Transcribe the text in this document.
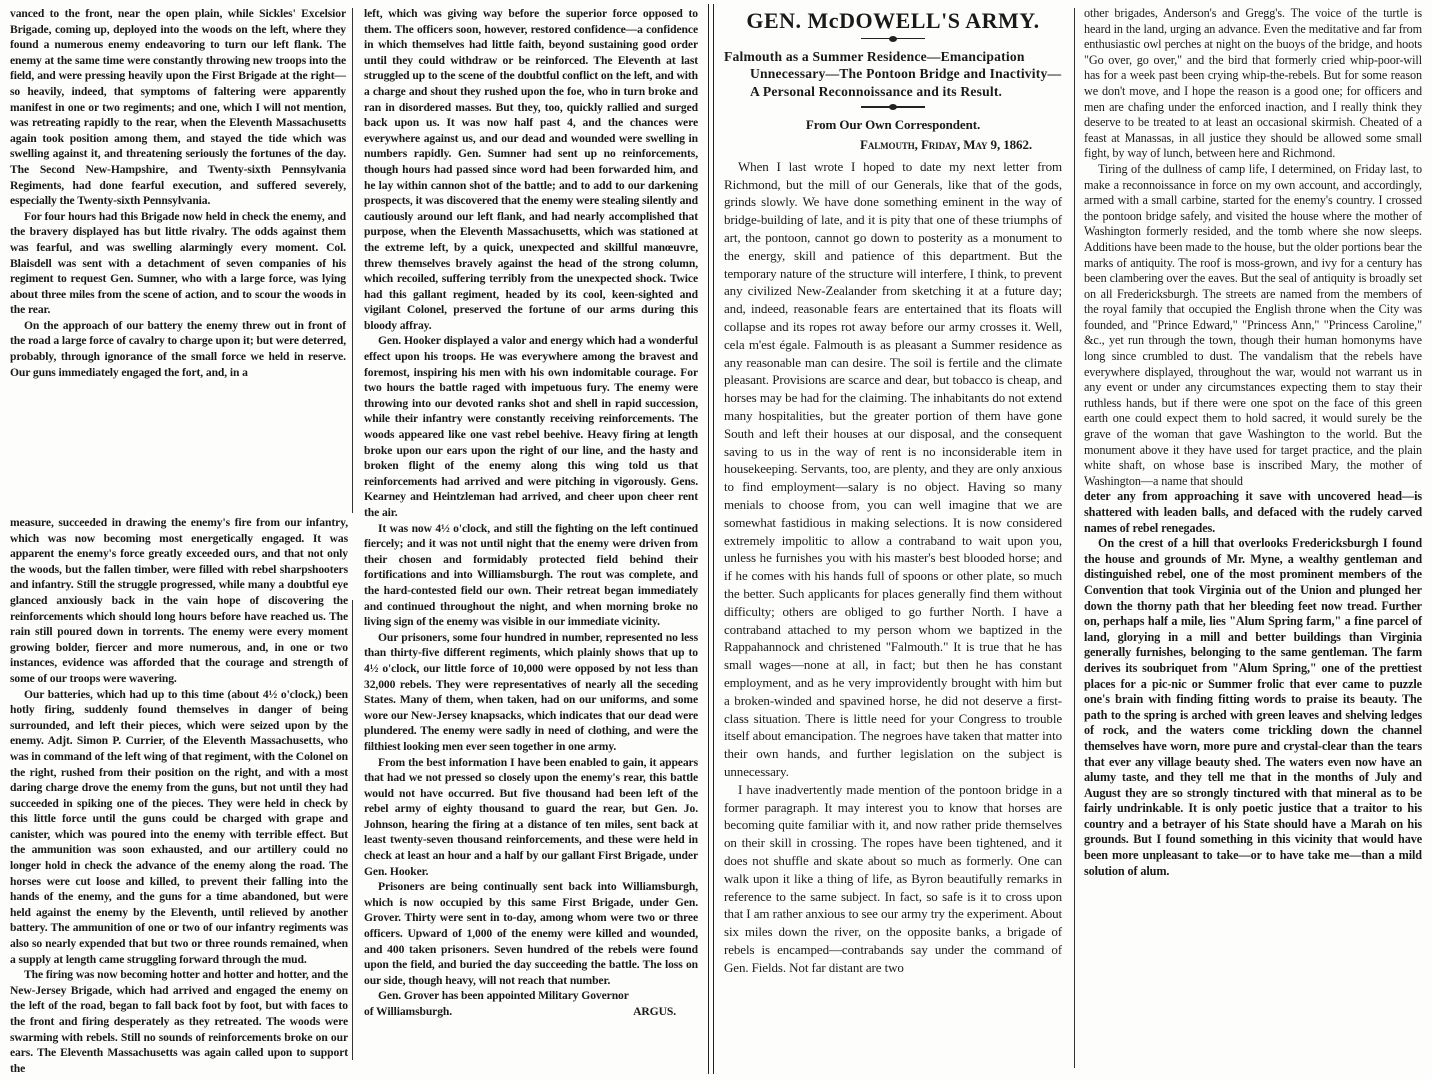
vanced to the front, near the open plain, while Sickles' Excelsior Brigade, coming up, deployed into the woods on the left, where they found a numerous enemy endeavoring to turn our left flank. The enemy at the same time were constantly throwing new troops into the field, and were pressing heavily upon the First Brigade at the right—so heavily, indeed, that symptoms of faltering were apparently manifest in one or two regiments; and one, which I will not mention, was retreating rapidly to the rear, when the Eleventh Massachusetts again took position among them, and stayed the tide which was swelling against it, and threatening seriously the fortunes of the day. The Second New-Hampshire, and Twenty-sixth Pennsylvania Regiments, had done fearful execution, and suffered severely, especially the Twenty-sixth Pennsylvania.

For four hours had this Brigade now held in check the enemy, and the bravery displayed has but little rivalry. The odds against them was fearful, and was swelling alarmingly every moment. Col. Blaisdell was sent with a detachment of seven companies of his regiment to request Gen. Sumner, who with a large force, was lying about three miles from the scene of action, and to scour the woods in the rear.

On the approach of our battery the enemy threw out in front of the road a large force of cavalry to charge upon it; but were deterred, probably, through ignorance of the small force we held in reserve. Our guns immediately engaged the fort, and, in a

measure, succeeded in drawing the enemy's fire from our infantry, which was now becoming most energetically engaged. It was apparent the enemy's force greatly exceeded ours, and that not only the woods, but the fallen timber, were filled with rebel sharpshooters and infantry. Still the struggle progressed, while many a doubtful eye glanced anxiously back in the vain hope of discovering the reinforcements which should long hours before have reached us. The rain still poured down in torrents. The enemy were every moment growing bolder, fiercer and more numerous, and, in one or two instances, evidence was afforded that the courage and strength of some of our troops were wavering.

Our batteries, which had up to this time (about 4½ o'clock,) been hotly firing, suddenly found themselves in danger of being surrounded, and left their pieces, which were seized upon by the enemy. Adjt. Simon P. Currier, of the Eleventh Massachusetts, who was in command of the left wing of that regiment, with the Colonel on the right, rushed from their position on the right, and with a most daring charge drove the enemy from the guns, but not until they had succeeded in spiking one of the pieces. They were held in check by this little force until the guns could be charged with grape and canister, which was poured into the enemy with terrible effect. But the ammunition was soon exhausted, and our artillery could no longer hold in check the advance of the enemy along the road. The horses were cut loose and killed, to prevent their falling into the hands of the enemy, and the guns for a time abandoned, but were held against the enemy by the Eleventh, until relieved by another battery. The ammunition of one or two of our infantry regiments was also so nearly expended that but two or three rounds remained, when a supply at length came struggling forward through the mud.

The firing was now becoming hotter and hotter and hotter, and the New-Jersey Brigade, which had arrived and engaged the enemy on the left of the road, began to fall back foot by foot, but with faces to the front and firing desperately as they retreated. The woods were swarming with rebels. Still no sounds of reinforcements broke on our ears. The Eleventh Massachusetts was again called upon to support the

left, which was giving way before the superior force opposed to them. The officers soon, however, restored confidence—a confidence in which themselves had little faith, beyond sustaining good order until they could withdraw or be reinforced. The Eleventh at last struggled up to the scene of the doubtful conflict on the left, and with a charge and shout they rushed upon the foe, who in turn broke and ran in disordered masses. But they, too, quickly rallied and surged back upon us. It was now half past 4, and the chances were everywhere against us, and our dead and wounded were swelling in numbers rapidly. Gen. Sumner had sent up no reinforcements, though hours had passed since word had been forwarded him, and he lay within cannon shot of the battle; and to add to our darkening prospects, it was discovered that the enemy were stealing silently and cautiously around our left flank, and had nearly accomplished that purpose, when the Eleventh Massachusetts, which was stationed at the extreme left, by a quick, unexpected and skillful manœuvre, threw themselves bravely against the head of the strong column, which recoiled, suffering terribly from the unexpected shock. Twice had this gallant regiment, headed by its cool, keen-sighted and vigilant Colonel, preserved the fortune of our arms during this bloody affray.

Gen. Hooker displayed a valor and energy which had a wonderful effect upon his troops. He was everywhere among the bravest and foremost, inspiring his men with his own indomitable courage. For two hours the battle raged with impetuous fury. The enemy were throwing into our devoted ranks shot and shell in rapid succession, while their infantry were constantly receiving reinforcements. The woods appeared like one vast rebel beehive. Heavy firing at length broke upon our ears upon the right of our line, and the hasty and broken flight of the enemy along this wing told us that reinforcements had arrived and were pitching in vigorously. Gens. Kearney and Heintzleman had arrived, and cheer upon cheer rent the air.

It was now 4½ o'clock, and still the fighting on the left continued fiercely; and it was not until night that the enemy were driven from their chosen and formidably protected field behind their fortifications and into Williamsburgh. The rout was complete, and the hard-contested field our own. Their retreat began immediately and continued throughout the night, and when morning broke no living sign of the enemy was visible in our immediate vicinity.

Our prisoners, some four hundred in number, represented no less than thirty-five different regiments, which plainly shows that up to 4½ o'clock, our little force of 10,000 were opposed by not less than 32,000 rebels. They were representatives of nearly all the seceding States. Many of them, when taken, had on our uniforms, and some wore our New-Jersey knapsacks, which indicates that our dead were plundered. The enemy were sadly in need of clothing, and were the filthiest looking men ever seen together in one army.

From the best information I have been enabled to gain, it appears that had we not pressed so closely upon the enemy's rear, this battle would not have occurred. But five thousand had been left of the rebel army of eighty thousand to guard the rear, but Gen. Jo. Johnson, hearing the firing at a distance of ten miles, sent back at least twenty-seven thousand reinforcements, and these were held in check at least an hour and a half by our gallant First Brigade, under Gen. Hooker.

Prisoners are being continually sent back into Williamsburgh, which is now occupied by this same First Brigade, under Gen. Grover. Thirty were sent in to-day, among whom were two or three officers. Upward of 1,000 of the enemy were killed and wounded, and 400 taken prisoners. Seven hundred of the rebels were found upon the field, and buried the day succeeding the battle. The loss on our side, though heavy, will not reach that number.

Gen. Grover has been appointed Military Governor

of Williamsburgh.	ARGUS.
GEN. McDOWELL'S ARMY.
Falmouth as a Summer Residence—Emancipation Unnecessary—The Pontoon Bridge and Inactivity—A Personal Reconnoissance and its Result.
From Our Own Correspondent.
Falmouth, Friday, May 9, 1862.

When I last wrote I hoped to date my next letter from Richmond, but the mill of our Generals, like that of the gods, grinds slowly. We have done something eminent in the way of bridge-building of late, and it is pity that one of these triumphs of art, the pontoon, cannot go down to posterity as a monument to the energy, skill and patience of this department. But the temporary nature of the structure will interfere, I think, to prevent any civilized New-Zealander from sketching it at a future day; and, indeed, reasonable fears are entertained that its floats will collapse and its ropes rot away before our army crosses it. Well, cela m'est égale. Falmouth is as pleasant a Summer residence as any reasonable man can desire. The soil is fertile and the climate pleasant. Provisions are scarce and dear, but tobacco is cheap, and horses may be had for the claiming. The inhabitants do not extend many hospitalities, but the greater portion of them have gone South and left their houses at our disposal, and the consequent saving to us in the way of rent is no inconsiderable item in housekeeping. Servants, too, are plenty, and they are only anxious to find employment—salary is no object. Having so many menials to choose from, you can well imagine that we are somewhat fastidious in making selections. It is now considered extremely impolitic to allow a contraband to wait upon you, unless he furnishes you with his master's best blooded horse; and if he comes with his hands full of spoons or other plate, so much the better. Such applicants for places generally find them without difficulty; others are obliged to go further North. I have a contraband attached to my person whom we baptized in the Rappahannock and christened "Falmouth." It is true that he has small wages—none at all, in fact; but then he has constant employment, and as he very improvidently brought with him but a broken-winded and spavined horse, he did not deserve a first-class situation. There is little need for your Congress to trouble itself about emancipation. The negroes have taken that matter into their own hands, and further legislation on the subject is unnecessary.

I have inadvertently made mention of the pontoon bridge in a former paragraph. It may interest you to know that horses are becoming quite familiar with it, and now rather pride themselves on their skill in crossing. The ropes have been tightened, and it does not shuffle and skate about so much as formerly. One can walk upon it like a thing of life, as Byron beautifully remarks in reference to the same subject. In fact, so safe is it to cross upon that I am rather anxious to see our army try the experiment. About six miles down the river, on the opposite banks, a brigade of rebels is encamped—contrabands say under the command of Gen. Fields. Not far distant are two

other brigades, Anderson's and Gregg's. The voice of the turtle is heard in the land, urging an advance. Even the meditative and far from enthusiastic owl perches at night on the buoys of the bridge, and hoots "Go over, go over," and the bird that formerly cried whip-poor-will has for a week past been crying whip-the-rebels. But for some reason we don't move, and I hope the reason is a good one; for officers and men are chafing under the enforced inaction, and I really think they deserve to be treated to at least an occasional skirmish. Cheated of a feast at Manassas, in all justice they should be allowed some small fight, by way of lunch, between here and Richmond.

Tiring of the dullness of camp life, I determined, on Friday last, to make a reconnoissance in force on my own account, and accordingly, armed with a small carbine, started for the enemy's country. I crossed the pontoon bridge safely, and visited the house where the mother of Washington formerly resided, and the tomb where she now sleeps. Additions have been made to the house, but the older portions bear the marks of antiquity. The roof is moss-grown, and ivy for a century has been clambering over the eaves. But the seal of antiquity is broadly set on all Fredericksburgh. The streets are named from the members of the royal family that occupied the English throne when the City was founded, and "Prince Edward," "Princess Ann," "Princess Caroline," &c., yet run through the town, though their human homonyms have long since crumbled to dust. The vandalism that the rebels have everywhere displayed, throughout the war, would not warrant us in any event or under any circumstances expecting them to stay their ruthless hands, but if there were one spot on the face of this green earth one could expect them to hold sacred, it would surely be the grave of the woman that gave Washington to the world. But the monument above it they have used for target practice, and the plain white shaft, on whose base is inscribed Mary, the mother of Washington—a name that should

deter any from approaching it save with uncovered head—is shattered with leaden balls, and defaced with the rudely carved names of rebel renegades.

On the crest of a hill that overlooks Fredericksburgh I found the house and grounds of Mr. Myne, a wealthy gentleman and distinguished rebel, one of the most prominent members of the Convention that took Virginia out of the Union and plunged her down the thorny path that her bleeding feet now tread. Further on, perhaps half a mile, lies "Alum Spring farm," a fine parcel of land, glorying in a mill and better buildings than Virginia generally furnishes, belonging to the same gentleman. The farm derives its soubriquet from "Alum Spring," one of the prettiest places for a pic-nic or Summer frolic that ever came to puzzle one's brain with finding fitting words to praise its beauty. The path to the spring is arched with green leaves and shelving ledges of rock, and the waters come trickling down the channel themselves have worn, more pure and crystal-clear than the tears that ever any village beauty shed. The waters even now have an alumy taste, and they tell me that in the months of July and August they are so strongly tinctured with that mineral as to be fairly undrinkable. It is only poetic justice that a traitor to his country and a betrayer of his State should have a Marah on his grounds. But I found something in this vicinity that would have been more unpleasant to take—or to have take me—than a mild solution of alum.
